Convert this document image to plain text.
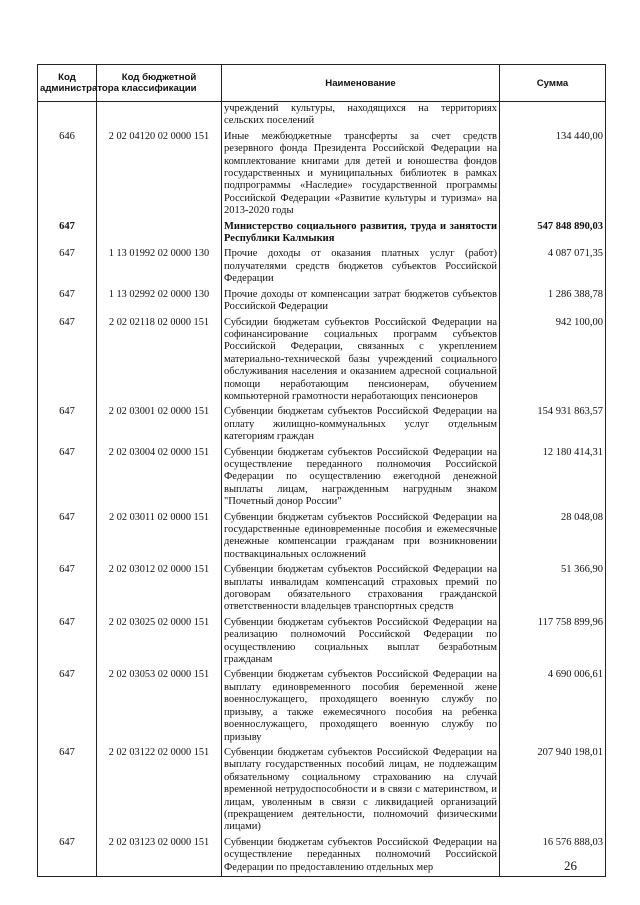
Код администратора	Код бюджетной классификации	Наименование	Сумма
		учреждений культуры, находящихся на территориях сельских поселений	
646	2 02 04120 02 0000 151	Иные межбюджетные трансферты за счет средств резервного фонда Президента Российской Федерации на комплектование книгами для детей и юношества фондов государственных и муниципальных библиотек в рамках подпрограммы «Наследие» государственной программы Российской Федерации «Развитие культуры и туризма» на 2013-2020 годы	134 440,00
647		Министерство социального развития, труда и занятости Республики Калмыкия	547 848 890,03
647	1 13 01992 02 0000 130	Прочие доходы от оказания платных услуг (работ) получателями средств бюджетов субъектов Российской Федерации	4 087 071,35
647	1 13 02992 02 0000 130	Прочие доходы от компенсации затрат бюджетов субъектов Российской Федерации	1 286 388,78
647	2 02 02118 02 0000 151	Субсидии бюджетам субъектов Российской Федерации на софинансирование социальных программ субъектов Российской Федерации, связанных с укреплением материально-технической базы учреждений социального обслуживания населения и оказанием адресной социальной помощи неработающим пенсионерам, обучением компьютерной грамотности неработающих пенсионеров	942 100,00
647	2 02 03001 02 0000 151	Субвенции бюджетам субъектов Российской Федерации на оплату жилищно-коммунальных услуг отдельным категориям граждан	154 931 863,57
647	2 02 03004 02 0000 151	Субвенции бюджетам субъектов Российской Федерации на осуществление переданного полномочия Российской Федерации по осуществлению ежегодной денежной выплаты лицам, награжденным нагрудным знаком "Почетный донор России"	12 180 414,31
647	2 02 03011 02 0000 151	Субвенции бюджетам субъектов Российской Федерации на государственные единовременные пособия и ежемесячные денежные компенсации гражданам при возникновении поствакцинальных осложнений	28 048,08
647	2 02 03012 02 0000 151	Субвенции бюджетам субъектов Российской Федерации на выплаты инвалидам компенсаций страховых премий по договорам обязательного страхования гражданской ответственности владельцев транспортных средств	51 366,90
647	2 02 03025 02 0000 151	Субвенции бюджетам субъектов Российской Федерации на реализацию полномочий Российской Федерации по осуществлению социальных выплат безработным гражданам	117 758 899,96
647	2 02 03053 02 0000 151	Субвенции бюджетам субъектов Российской Федерации на выплату единовременного пособия беременной жене военнослужащего, проходящего военную службу по призыву, а также ежемесячного пособия на ребенка военнослужащего, проходящего военную службу по призыву	4 690 006,61
647	2 02 03122 02 0000 151	Субвенции бюджетам субъектов Российской Федерации на выплату государственных пособий лицам, не подлежащим обязательному социальному страхованию на случай временной нетрудоспособности и в связи с материнством, и лицам, уволенным в связи с ликвидацией организаций (прекращением деятельности, полномочий физическими лицами)	207 940 198,01
647	2 02 03123 02 0000 151	Субвенции бюджетам субъектов Российской Федерации на осуществление переданных полномочий Российской Федерации по предоставлению отдельных мер	16 576 888,03
26
